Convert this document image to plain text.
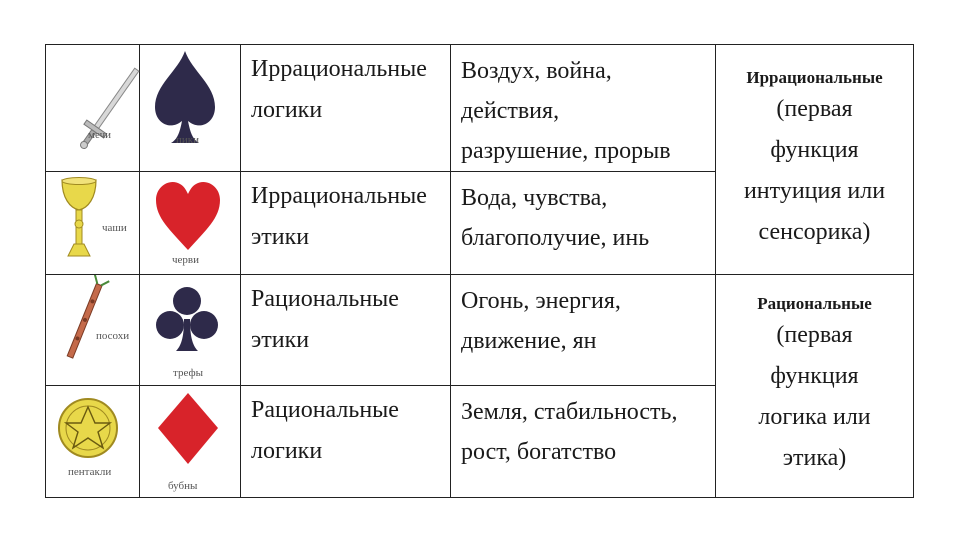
мечи	пики	Иррациональные
логики	Воздух, война,
действия,
разрушение, прорыв	Иррациональные
(первая
функция
интуиция или
сенсорика)

чаши	черви	Иррациональные
этики	Вода, чувства,
благополучие, инь	

посохи	трефы	Рациональные
этики	Огонь, энергия,
движение, ян	Рациональные
(первая
функция
логика или
этика)

пентакли	бубны	Рациональные
логики	Земля, стабильность,
рост, богатство	
